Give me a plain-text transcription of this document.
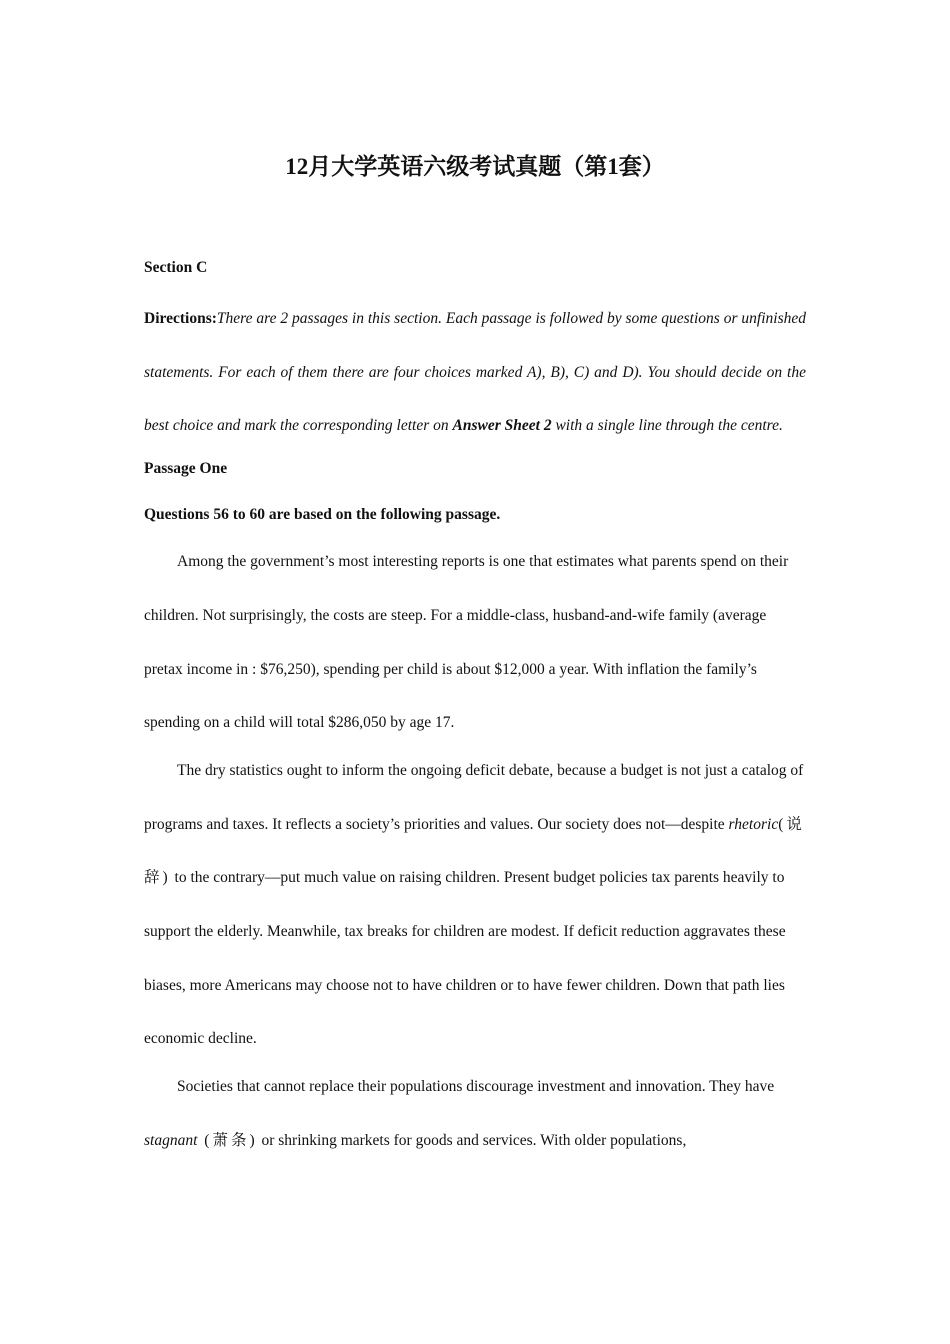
12月大学英语六级考试真题（第1套）

Section C

Directions:There are 2 passages in this section. Each passage is followed by some questions or unfinished statements. For each of them there are four choices marked A), B), C) and D). You should decide on the best choice and mark the corresponding letter on Answer Sheet 2 with a single line through the centre.

Passage One

Questions 56 to 60 are based on the following passage.

Among the government’s most interesting reports is one that estimates what parents spend on their children. Not surprisingly, the costs are steep. For a middle-class, husband-and-wife family (average pretax income in : $76,250), spending per child is about $12,000 a year. With inflation the family’s spending on a child will total $286,050 by age 17.

The dry statistics ought to inform the ongoing deficit debate, because a budget is not just a catalog of programs and taxes. It reflects a society’s priorities and values. Our society does not—despite rhetoric(说辞) to the contrary—put much value on raising children. Present budget policies tax parents heavily to support the elderly. Meanwhile, tax breaks for children are modest. If deficit reduction aggravates these biases, more Americans may choose not to have children or to have fewer children. Down that path lies economic decline.

Societies that cannot replace their populations discourage investment and innovation. They have stagnant (萧条) or shrinking markets for goods and services. With older populations,
